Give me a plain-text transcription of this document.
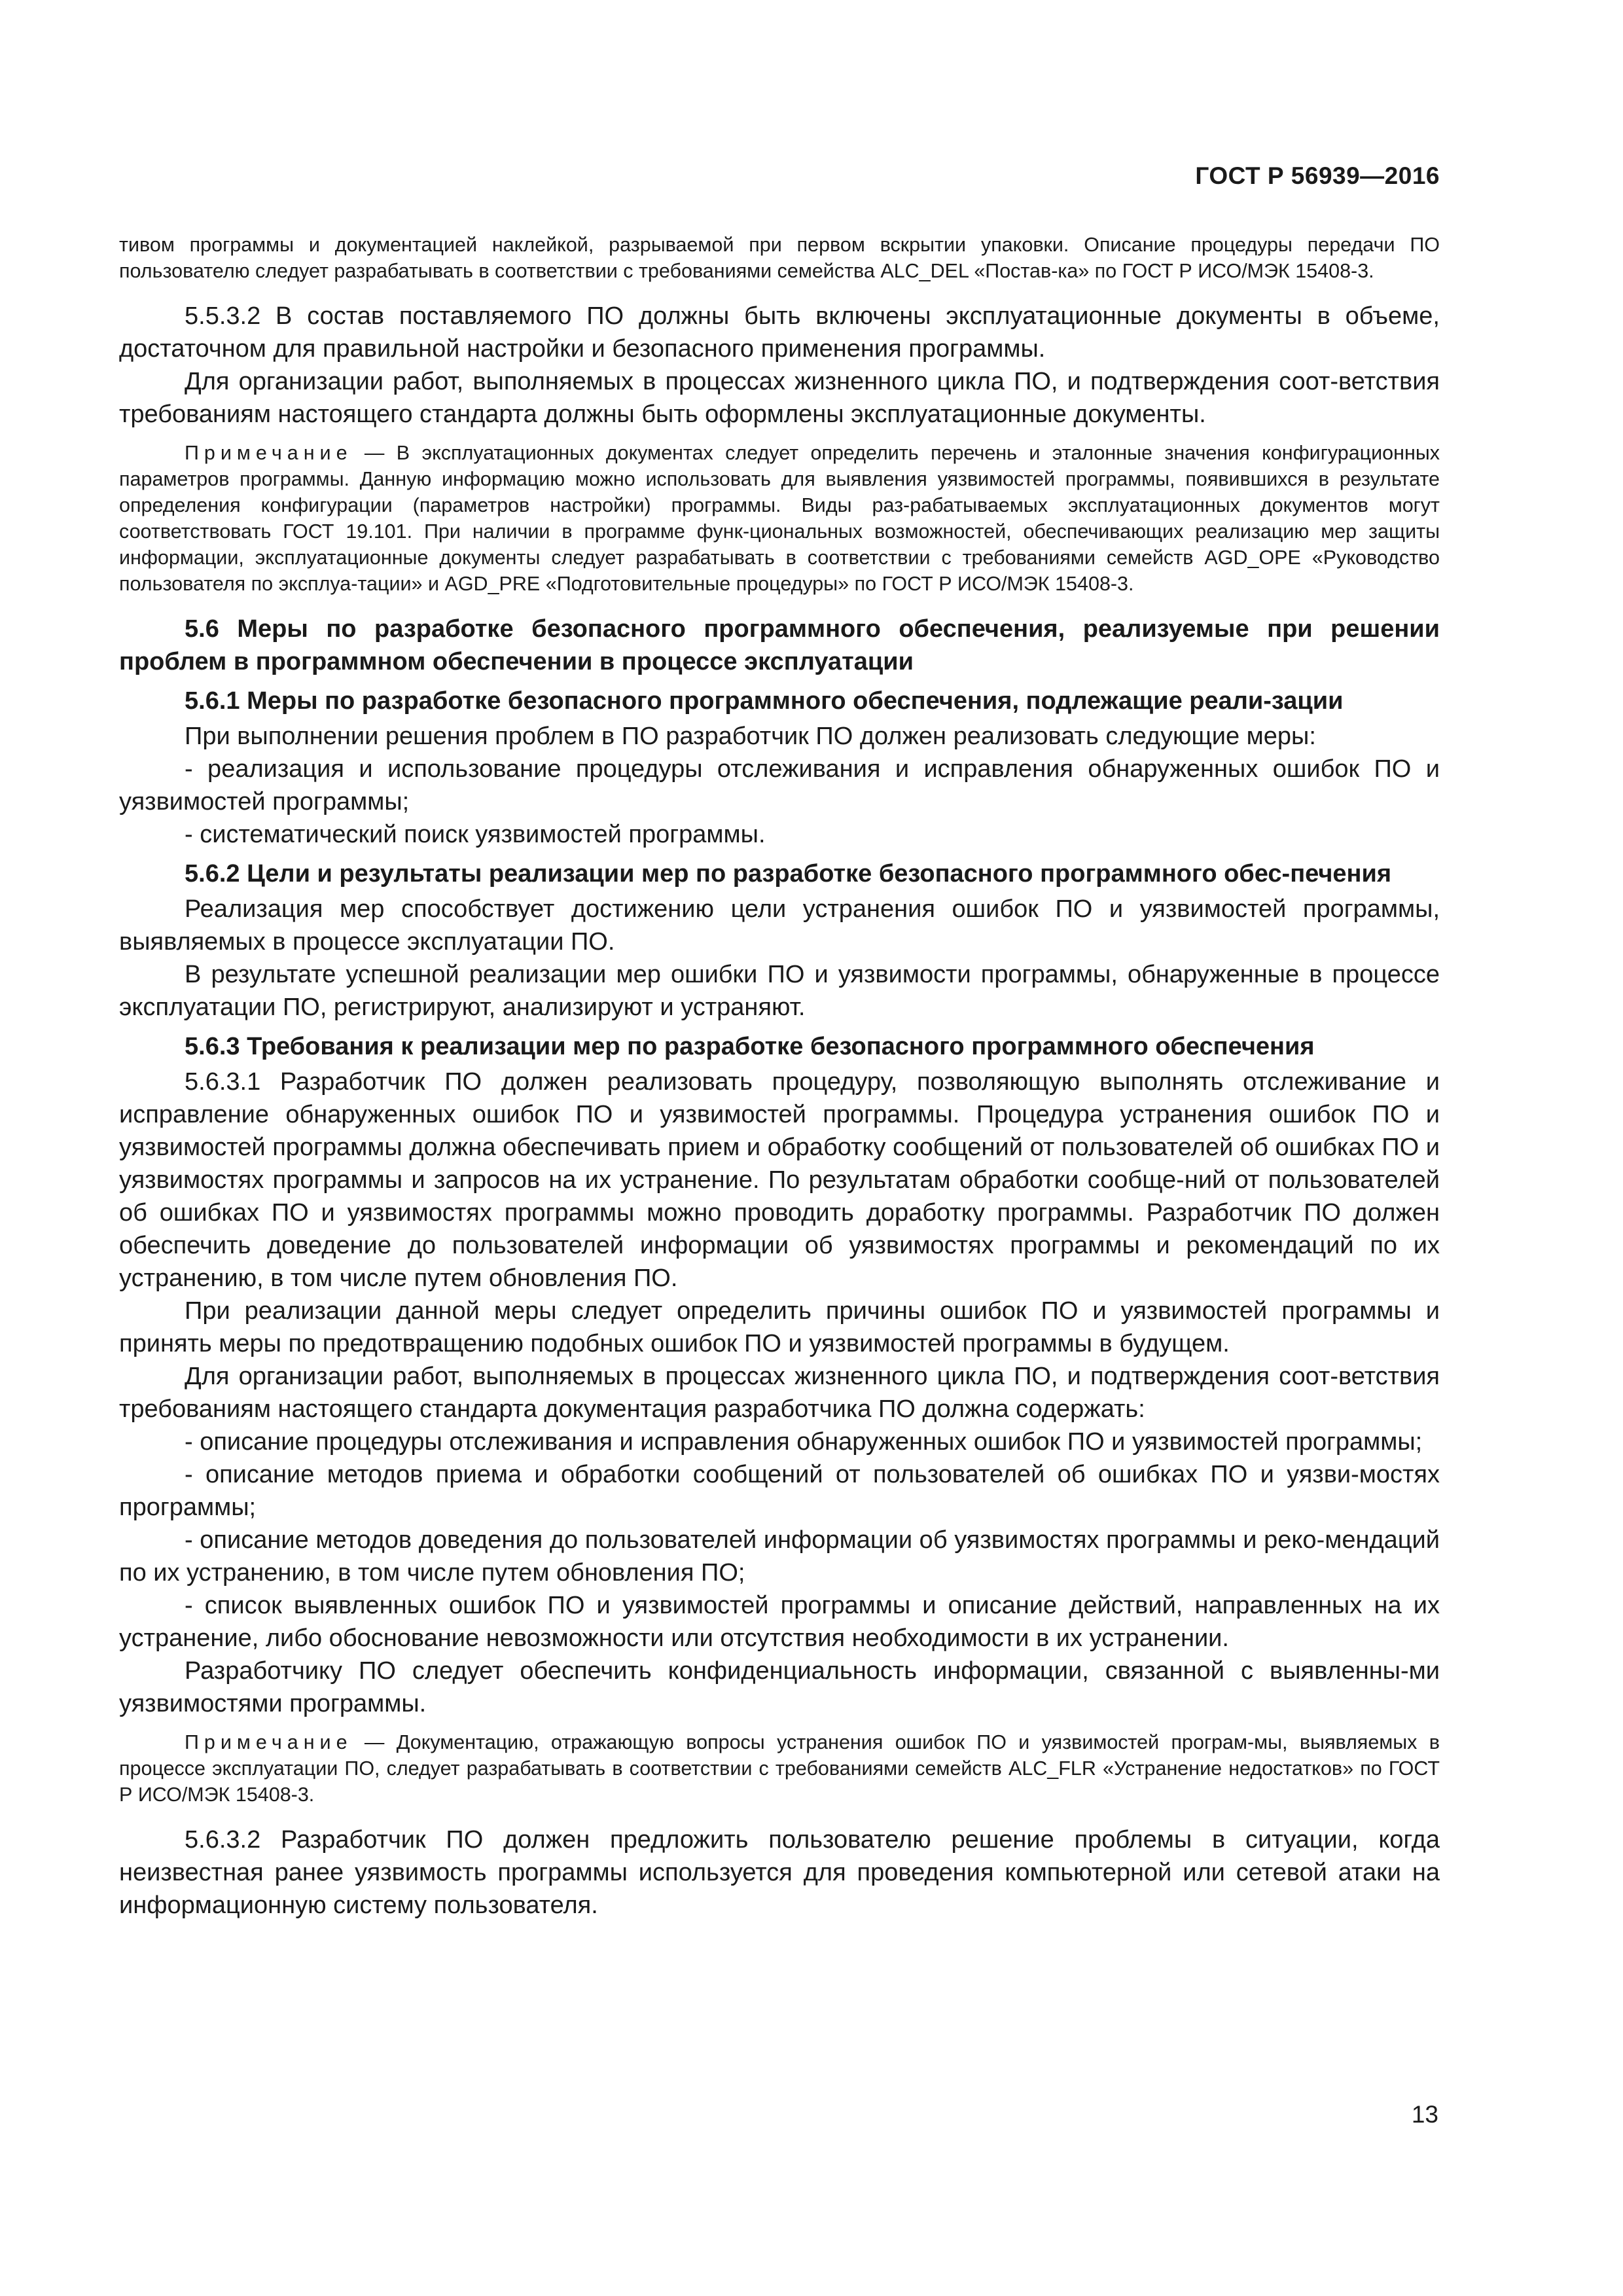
ГОСТ Р 56939—2016

тивом программы и документацией наклейкой, разрываемой при первом вскрытии упаковки. Описание процедуры передачи ПО пользователю следует разрабатывать в соответствии с требованиями семейства ALC_DEL «Постав-ка» по ГОСТ Р ИСО/МЭК 15408-3.

5.5.3.2 В состав поставляемого ПО должны быть включены эксплуатационные документы в объеме, достаточном для правильной настройки и безопасного применения программы.

Для организации работ, выполняемых в процессах жизненного цикла ПО, и подтверждения соот-ветствия требованиям настоящего стандарта должны быть оформлены эксплуатационные документы.

Примечание — В эксплуатационных документах следует определить перечень и эталонные значения конфигурационных параметров программы. Данную информацию можно использовать для выявления уязвимостей программы, появившихся в результате определения конфигурации (параметров настройки) программы. Виды раз-рабатываемых эксплуатационных документов могут соответствовать ГОСТ 19.101. При наличии в программе функ-циональных возможностей, обеспечивающих реализацию мер защиты информации, эксплуатационные документы следует разрабатывать в соответствии с требованиями семейств AGD_OPE «Руководство пользователя по эксплуа-тации» и AGD_PRE «Подготовительные процедуры» по ГОСТ Р ИСО/МЭК 15408-3.

5.6 Меры по разработке безопасного программного обеспечения, реализуемые при решении проблем в программном обеспечении в процессе эксплуатации

5.6.1 Меры по разработке безопасного программного обеспечения, подлежащие реали-зации

При выполнении решения проблем в ПО разработчик ПО должен реализовать следующие меры:

- реализация и использование процедуры отслеживания и исправления обнаруженных ошибок ПО и уязвимостей программы;

- систематический поиск уязвимостей программы.

5.6.2 Цели и результаты реализации мер по разработке безопасного программного обес-печения

Реализация мер способствует достижению цели устранения ошибок ПО и уязвимостей программы, выявляемых в процессе эксплуатации ПО.

В результате успешной реализации мер ошибки ПО и уязвимости программы, обнаруженные в процессе эксплуатации ПО, регистрируют, анализируют и устраняют.

5.6.3 Требования к реализации мер по разработке безопасного программного обеспечения

5.6.3.1 Разработчик ПО должен реализовать процедуру, позволяющую выполнять отслеживание и исправление обнаруженных ошибок ПО и уязвимостей программы. Процедура устранения ошибок ПО и уязвимостей программы должна обеспечивать прием и обработку сообщений от пользователей об ошибках ПО и уязвимостях программы и запросов на их устранение. По результатам обработки сообще-ний от пользователей об ошибках ПО и уязвимостях программы можно проводить доработку программы. Разработчик ПО должен обеспечить доведение до пользователей информации об уязвимостях программы и рекомендаций по их устранению, в том числе путем обновления ПО.

При реализации данной меры следует определить причины ошибок ПО и уязвимостей программы и принять меры по предотвращению подобных ошибок ПО и уязвимостей программы в будущем.

Для организации работ, выполняемых в процессах жизненного цикла ПО, и подтверждения соот-ветствия требованиям настоящего стандарта документация разработчика ПО должна содержать:

- описание процедуры отслеживания и исправления обнаруженных ошибок ПО и уязвимостей программы;

- описание методов приема и обработки сообщений от пользователей об ошибках ПО и уязви-мостях программы;

- описание методов доведения до пользователей информации об уязвимостях программы и реко-мендаций по их устранению, в том числе путем обновления ПО;

- список выявленных ошибок ПО и уязвимостей программы и описание действий, направленных на их устранение, либо обоснование невозможности или отсутствия необходимости в их устранении.

Разработчику ПО следует обеспечить конфиденциальность информации, связанной с выявленны-ми уязвимостями программы.

Примечание — Документацию, отражающую вопросы устранения ошибок ПО и уязвимостей програм-мы, выявляемых в процессе эксплуатации ПО, следует разрабатывать в соответствии с требованиями семейств ALC_FLR «Устранение недостатков» по ГОСТ Р ИСО/МЭК 15408-3.

5.6.3.2 Разработчик ПО должен предложить пользователю решение проблемы в ситуации, когда неизвестная ранее уязвимость программы используется для проведения компьютерной или сетевой атаки на информационную систему пользователя.

13
